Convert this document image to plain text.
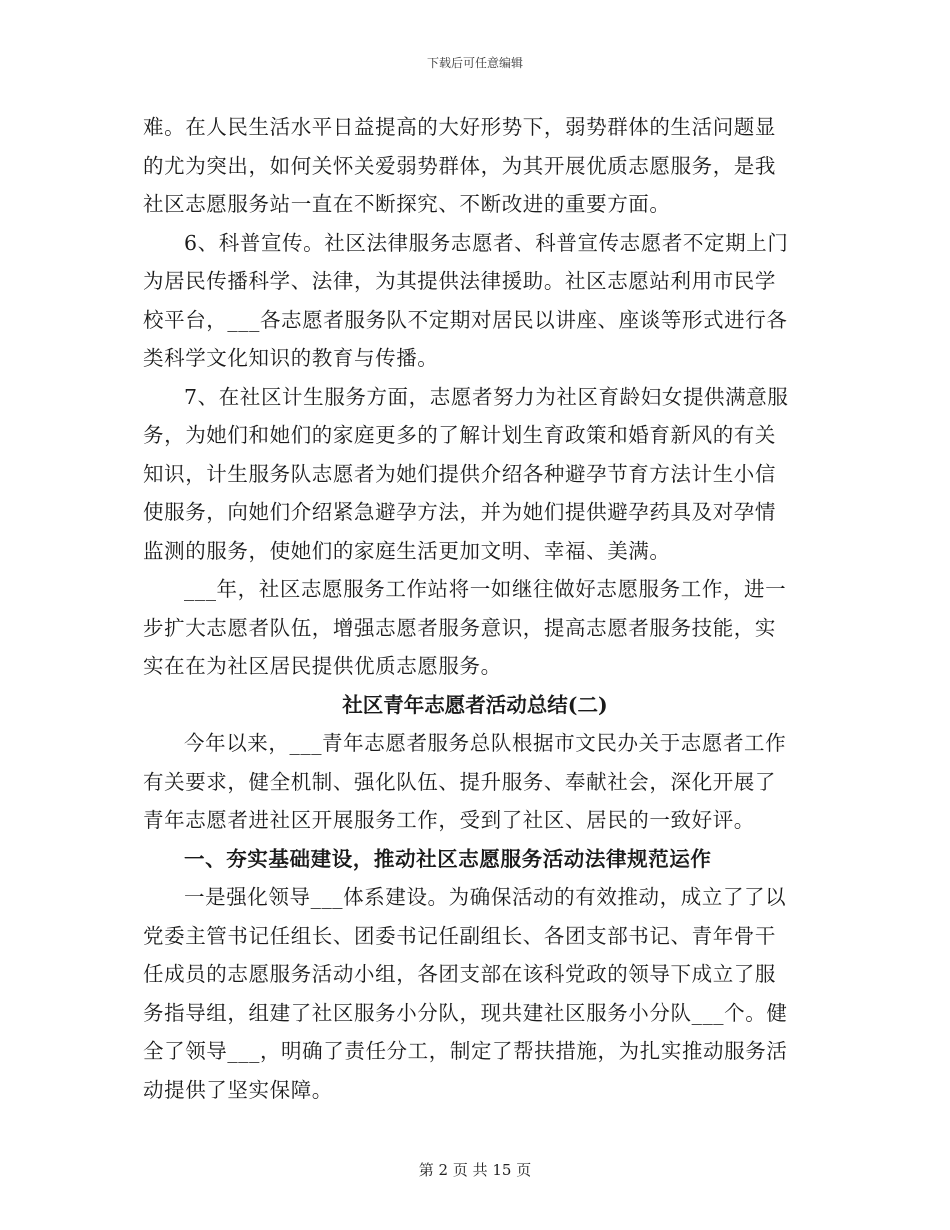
下载后可任意编辑
难。在人民生活水平日益提高的大好形势下，弱势群体的生活问题显
的尤为突出，如何关怀关爱弱势群体，为其开展优质志愿服务，是我
社区志愿服务站一直在不断探究、不断改进的重要方面。
6、科普宣传。社区法律服务志愿者、科普宣传志愿者不定期上门
为居民传播科学、法律，为其提供法律援助。社区志愿站利用市民学
校平台，___各志愿者服务队不定期对居民以讲座、座谈等形式进行各
类科学文化知识的教育与传播。
7、在社区计生服务方面，志愿者努力为社区育龄妇女提供满意服
务，为她们和她们的家庭更多的了解计划生育政策和婚育新风的有关
知识，计生服务队志愿者为她们提供介绍各种避孕节育方法计生小信
使服务，向她们介绍紧急避孕方法，并为她们提供避孕药具及对孕情
监测的服务，使她们的家庭生活更加文明、幸福、美满。
___年，社区志愿服务工作站将一如继往做好志愿服务工作，进一
步扩大志愿者队伍，增强志愿者服务意识，提高志愿者服务技能，实
实在在为社区居民提供优质志愿服务。
社区青年志愿者活动总结(二)
今年以来，___青年志愿者服务总队根据市文民办关于志愿者工作
有关要求，健全机制、强化队伍、提升服务、奉献社会，深化开展了
青年志愿者进社区开展服务工作，受到了社区、居民的一致好评。
一、夯实基础建设，推动社区志愿服务活动法律规范运作
一是强化领导___体系建设。为确保活动的有效推动，成立了了以
党委主管书记任组长、团委书记任副组长、各团支部书记、青年骨干
任成员的志愿服务活动小组，各团支部在该科党政的领导下成立了服
务指导组，组建了社区服务小分队，现共建社区服务小分队___个。健
全了领导___，明确了责任分工，制定了帮扶措施，为扎实推动服务活
动提供了坚实保障。
第 2 页 共 15 页
